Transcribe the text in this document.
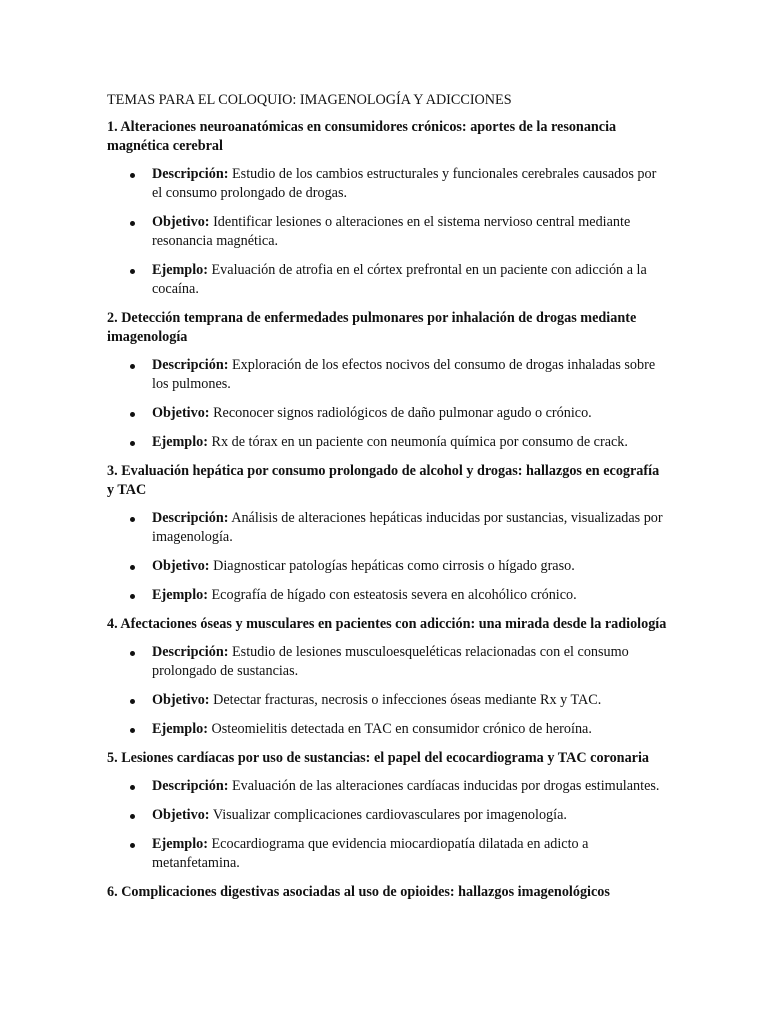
TEMAS PARA EL COLOQUIO: IMAGENOLOGÍA Y ADICCIONES

1. Alteraciones neuroanatómicas en consumidores crónicos: aportes de la resonancia magnética cerebral

Descripción: Estudio de los cambios estructurales y funcionales cerebrales causados por el consumo prolongado de drogas.
Objetivo: Identificar lesiones o alteraciones en el sistema nervioso central mediante resonancia magnética.
Ejemplo: Evaluación de atrofia en el córtex prefrontal en un paciente con adicción a la cocaína.

2. Detección temprana de enfermedades pulmonares por inhalación de drogas mediante imagenología

Descripción: Exploración de los efectos nocivos del consumo de drogas inhaladas sobre los pulmones.
Objetivo: Reconocer signos radiológicos de daño pulmonar agudo o crónico.
Ejemplo: Rx de tórax en un paciente con neumonía química por consumo de crack.

3. Evaluación hepática por consumo prolongado de alcohol y drogas: hallazgos en ecografía y TAC

Descripción: Análisis de alteraciones hepáticas inducidas por sustancias, visualizadas por imagenología.
Objetivo: Diagnosticar patologías hepáticas como cirrosis o hígado graso.
Ejemplo: Ecografía de hígado con esteatosis severa en alcohólico crónico.

4. Afectaciones óseas y musculares en pacientes con adicción: una mirada desde la radiología

Descripción: Estudio de lesiones musculoesqueléticas relacionadas con el consumo prolongado de sustancias.
Objetivo: Detectar fracturas, necrosis o infecciones óseas mediante Rx y TAC.
Ejemplo: Osteomielitis detectada en TAC en consumidor crónico de heroína.

5. Lesiones cardíacas por uso de sustancias: el papel del ecocardiograma y TAC coronaria

Descripción: Evaluación de las alteraciones cardíacas inducidas por drogas estimulantes.
Objetivo: Visualizar complicaciones cardiovasculares por imagenología.
Ejemplo: Ecocardiograma que evidencia miocardiopatía dilatada en adicto a metanfetamina.

6. Complicaciones digestivas asociadas al uso de opioides: hallazgos imagenológicos
